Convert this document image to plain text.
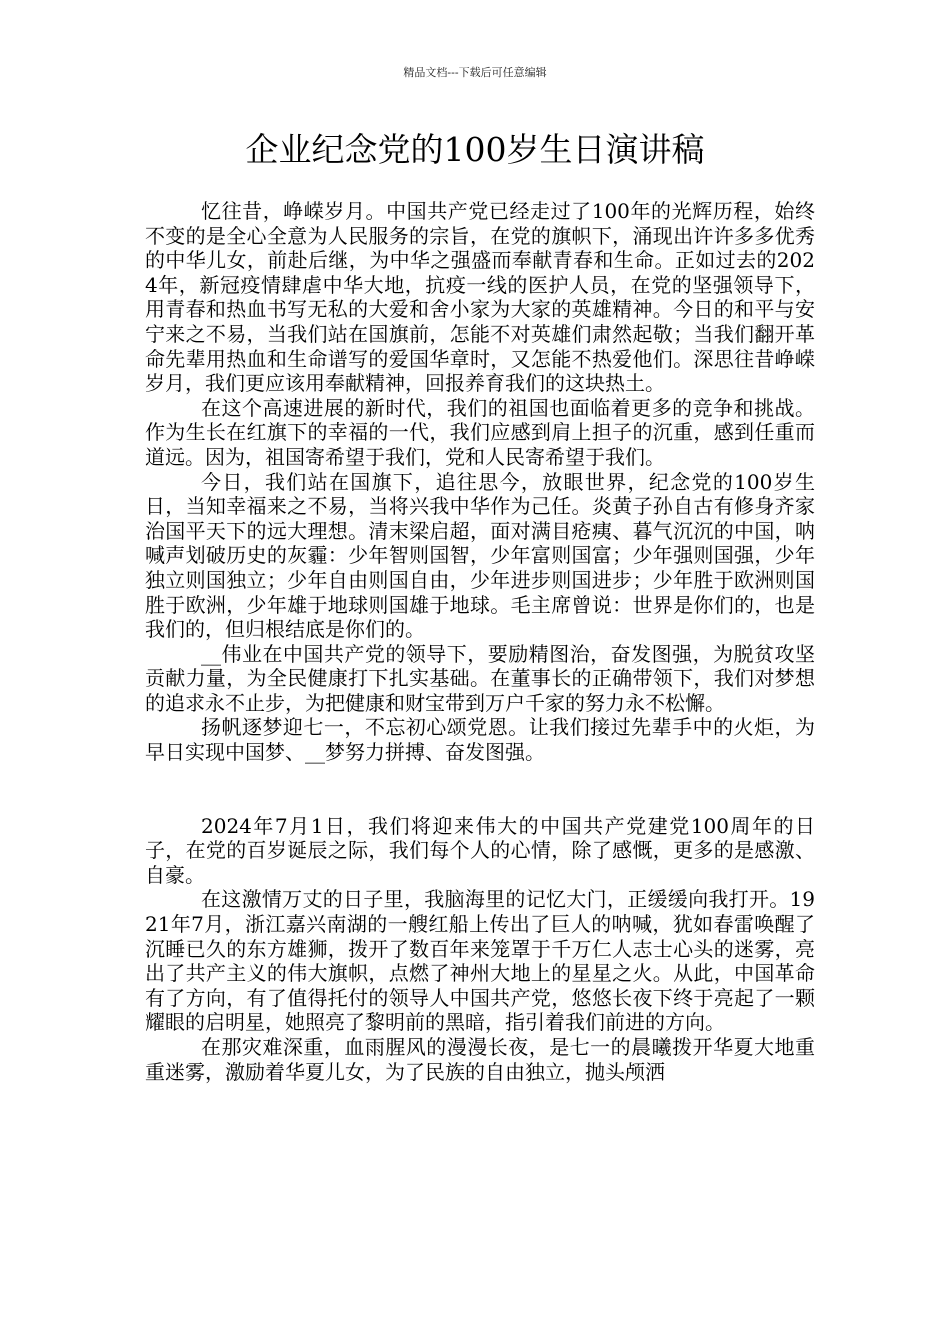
精品文档---下载后可任意编辑
企业纪念党的100岁生日演讲稿

忆往昔，峥嵘岁月。中国共产党已经走过了100年的光辉历程，始终不变的是全心全意为人民服务的宗旨，在党的旗帜下，涌现出许许多多优秀的中华儿女，前赴后继，为中华之强盛而奉献青春和生命。正如过去的2024年，新冠疫情肆虐中华大地，抗疫一线的医护人员，在党的坚强领导下，用青春和热血书写无私的大爱和舍小家为大家的英雄精神。今日的和平与安宁来之不易，当我们站在国旗前，怎能不对英雄们肃然起敬；当我们翻开革命先辈用热血和生命谱写的爱国华章时，又怎能不热爱他们。深思往昔峥嵘岁月，我们更应该用奉献精神，回报养育我们的这块热土。

在这个高速进展的新时代，我们的祖国也面临着更多的竞争和挑战。作为生长在红旗下的幸福的一代，我们应感到肩上担子的沉重，感到任重而道远。因为，祖国寄希望于我们，党和人民寄希望于我们。

今日，我们站在国旗下，追往思今，放眼世界，纪念党的100岁生日，当知幸福来之不易，当将兴我中华作为己任。炎黄子孙自古有修身齐家治国平天下的远大理想。清末梁启超，面对满目疮痍、暮气沉沉的中国，呐喊声划破历史的灰霾：少年智则国智，少年富则国富；少年强则国强，少年独立则国独立；少年自由则国自由，少年进步则国进步；少年胜于欧洲则国胜于欧洲，少年雄于地球则国雄于地球。毛主席曾说：世界是你们的，也是我们的，但归根结底是你们的。

__伟业在中国共产党的领导下，要励精图治，奋发图强，为脱贫攻坚贡献力量，为全民健康打下扎实基础。在董事长的正确带领下，我们对梦想的追求永不止步，为把健康和财宝带到万户千家的努力永不松懈。

扬帆逐梦迎七一，不忘初心颂党恩。让我们接过先辈手中的火炬，为早日实现中国梦、__梦努力拼搏、奋发图强。

2024年7月1日，我们将迎来伟大的中国共产党建党100周年的日子，在党的百岁诞辰之际，我们每个人的心情，除了感慨，更多的是感激、自豪。

在这激情万丈的日子里，我脑海里的记忆大门，正缓缓向我打开。1921年7月，浙江嘉兴南湖的一艘红船上传出了巨人的呐喊，犹如春雷唤醒了沉睡已久的东方雄狮，拨开了数百年来笼罩于千万仁人志士心头的迷雾，亮出了共产主义的伟大旗帜，点燃了神州大地上的星星之火。从此，中国革命有了方向，有了值得托付的领导人中国共产党，悠悠长夜下终于亮起了一颗耀眼的启明星，她照亮了黎明前的黑暗，指引着我们前进的方向。

在那灾难深重，血雨腥风的漫漫长夜，是七一的晨曦拨开华夏大地重重迷雾，激励着华夏儿女，为了民族的自由独立，抛头颅洒
